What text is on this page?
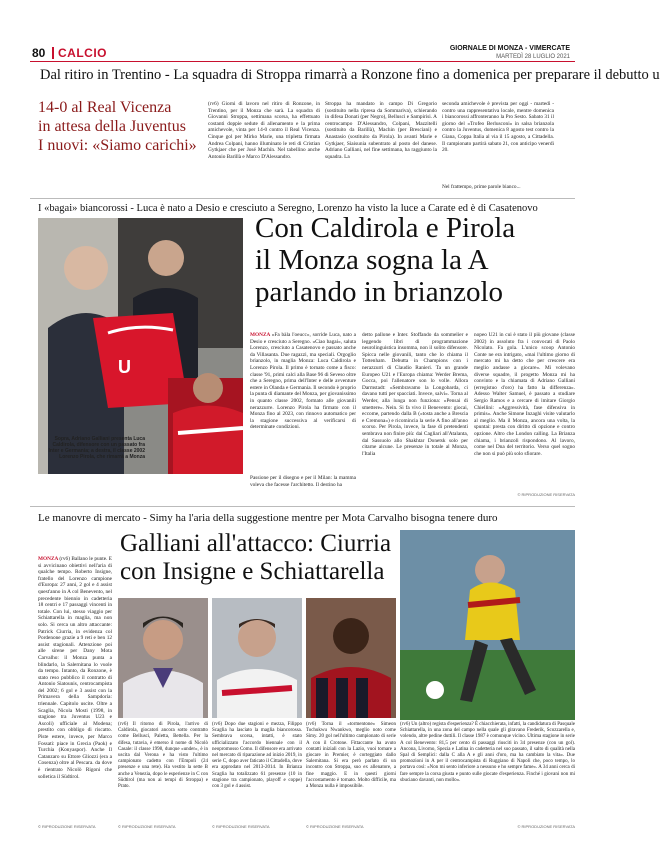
80 CALCIO	GIORNALE DI MONZA - VIMERCATE
MARTEDÌ 28 LUGLIO 2021
Dal ritiro in Trentino - La squadra di Stroppa rimarrà a Ronzone fino a domenica per preparare il debutto u
14-0 al Real Vicenza
in attesa della Juventus
I nuovi: «Siamo carichi»
(rv6) Giorni di lavoro nel ritiro di Ronzone, in Trentino, per il Monza che sarà. La squadra di Giovanni Stroppa, settimana scorsa, ha effettuato costanti doppie sedute di allenamento e la prima amichevole, vinta per 14-0 contro il Real Vicenza. Cinque gol per Mirko Marie, una tripletta firmata Andrea Colpani, hanno illuminato le reti di Cristian Gytkjaer che per José Machín. Nel tabellino anche Antonio Barillà e Marco D'Alessandro.
Stroppa ha mandato in campo Di Gregorio (sostituito nella ripresa da Sommariva), schierando in difesa Donati (per Negro), Bellusci e Sampirisi. A centrocampo D'Alessandro, Colpani, Mazzitelli (sostituito da Barillà), Machin (per Bresciani) e Anastasio (sostituito da Pirola). In avanti Marie e Gytkjaer, Siaisunia subentrato al posto del danese. Adriano Galliani, nel fine settimana, ha raggiunto la squadra. La
seconda amichevole è prevista per oggi - martedì - contro una rappresentativa locale, mentre domenica i biancorossi affronteranno la Pro Sesto. Sabato 31 il giorno del «Trofeo Berlusconi» in salsa brianzola contro la Juventus, domenica 8 agosto test contro la Giana, Coppa Italia al via il 15 agosto, a Cittadella. Il campionato partirà sabato 21, con anticipo venerdì 20.
Nel frattempo, prime parole bianco...
I «bagai» biancorossi - Luca è nato a Desio e cresciuto a Seregno, Lorenzo ha visto la luce a Carate ed è di Casatenovo
U
Sopra, Adriano Galliani presenta Luca Caldirola, difensore con un passato fra Inter e Germania; a destra, il classe 2002 Lorenzo Pirola, che rimarrà a Monza
Con Caldirola e Pirola
il Monza sogna la A
parlando in brianzolo
MONZA «Fa bàla l'oeucc», sorride Luca, nato a Desio e cresciuto a Seregno. «Ciao bagai», saluta Lorenzo, cresciuto a Casatenovo e passato anche da Villasanta. Due ragazzi, ma speciali. Orgoglio brianzolo, in maglia Monza: Luca Caldirola e Lorenzo Pirola. Il primo è tornato come a fisco: classe '91, primi calci alla Base 96 di Seveso oltre che a Seregno, prima dell'Inter e delle avventure estere in Olanda e Germania. Il secondo è proprio la punta di diamante del Monza, per giovanissimo in quanto classe 2002, formato alle giovanili nerazzurre. Lorenzo Pirola ha firmato con il Monza fino al 2023, con rinnovo automatico per la stagione successiva al verificarsi di determinate condizioni.
Passione per il disegno e per il Milan: la mamma voleva che facesse l'architetto. Il destino ha
detto pallone e Inter. Stoffando da sommelier e leggendo libri di programmazione neurolinguistica insomma, non il solito difensore. Spicca nelle giovanili, tanto che lo chiama il Tottenham. Debutta in Champions con i nerazzurri di Claudio Ranieri. Ta un grande Europeo U21 e l'Europa chiama: Werder Brema, Gocca, poi l'allenatore son lo volle. Allora Darmstadt: «Sembravamo la Longobarda, ci davano tutti per spacciati. Invece, salvi». Torna al Werder, alla lunga non funziona: «Pensai di smettere». Nein. Si fa vivo il Benevento: giocai, eccome, partendo dalla B («tosta anche a Brescia e Cremona») e ricomincia la serie A fino all'anno scorso. Per Pirola, invece, la fase di pretendenti sembrava non finire più: dai Cagliari all'Atalanta, dal Sassuolo allo Shakhtar Donetsk solo per citarne alcune. Le presenze in totale al Monza, l'Italia
nopeo U21 in cui è stato il più giovane (classe 2002) in assoluto fra i convocati di Paolo Nicolato. Fa gola. L'unico scoop Antonio Conte ne era intrigato, «mai l'ultimo giorno di mercato mi ha detto che per crescere era meglio andasse a giocare». Mi volevano diverse squadre, il progetto Monza mi ha convinto e la chiamata di Adriano Galliani (erregistuo d'oro) ha fatto la differenza». Adesso Walter Samuel, è passato a studiare Sergio Ramos e a cercare di imitare Giorgio Chiellini: «Aggressività, fase difensiva in primis». Anche Simone Inzaghi visite valutarlo al meglio. Ma il Monza, ancora una volta, la spuntai: presta con diritto di opzione e contro opzione. Altro che London calling. La Brianza chiama, i brianzoli rispondono. Al lavoro, come nel Dna del territorio. Verso quel sogno che non si può più solo sfiorare.
© RIPRODUZIONE RISERVATA
Le manovre di mercato - Simy ha l'aria della suggestione mentre per Mota Carvalho bisogna tenere duro
Galliani all'attacco: Ciurria
con Insigne e Schiattarella
MONZA (rv6) Ballano le punte. E si avvicinano obiettivi nell'aria di qualche tempo. Roberto Insigne, fratello del Lorenzo campione d'Europa: 27 anni, 2 gol e 4 assist quest'anno in A col Benevento, nel precedente biennio in cadetteria 18 centri e 17 passaggi vincenti in totale. Con lui, stesso viaggio per Schiattarella in maglia, ma non solo. Si cerca un altro attaccante: Patrick Ciurria, in evidenza col Pordenone grazie a 9 reti e ben 12 assist stagionali. Attenzione poi alle sirene per Dany Mota Carvalho: il Monza punta a blindarlo, la Salernitana lo vuole da tempo. Intanto, da Ronzone, è stato reso pubblico il contratto di Antonio Siatounis, centrocampista del 2002; 6 gol e 3 assist con la Primavera della Sampdoria: triennale. Capitolo uscite. Oltre a Scaglia, Nicola Mosti (1998, in stagione tra Juventus U23 e Ascoli) ufficiale al Modena; prestito con obbligo di riscatto. Piste estere, invece, per Marco Fossati: piace in Grecia (Paok) e Turchia (Konyaspor). Anche Il Catanzaro su Ettore Gliozzi (era a Cosenza) oltre al Pescara. da dove è rientrato Nicolò Rigoni che solletica il Südtirol.
(rv6) Il ritorno di Pirola, l'arrivo di Caldirola, giocatori ancora sotto contratto come Bellusci, Paletta, Bettella. Per la difesa, tutavia, è emerso il nome di Nicolò Casale: il classe 1998, dunque «under», è in uscita dal Verona e ha visto l'ultimo campionato cadetto con l'Empoli (24 presenze e una rete). Ha vestito la sette B anche a Venezia, dopo le esperienze in C con Südtirol (ma non ai tempi di Stroppa) e Prato.
(rv6) Dopo due stagioni e mezza, Filippo Scaglia ha lasciato la maglia biancorossa. Sembrava scorsa, intatti, è stato ufficializzato l'accordo biennale con il neopromosso Como. Il difensore era arrivato nel mercato di riparazione ad inizio 2019, in serie C, dopo aver faticato il Cittadella, dove era approdato nel 2013-2014. In Brianza Scaglia ha totalizzato 61 presenze (10 in stagione tra campionato, playoff e coppe) con 3 gol e 4 assist.
(rv6) Torna il «tormentone» Simeon Tochukwu Nwankwo, meglio noto come Simy. 20 gol nell'ultimo campionato di serie A con il Crotone. Fittaccante ha avuto contatti iniziali con la Lazio, vuoi tornare a giocare in Premier, è corteggiato dallo Salernitana. Si era però parlato di un incontro con Stroppa, suo ex allenatore, a fine maggio. E in questi giorni l'accostamento è tornato. Molto difficile, ma a Monza nulla è impossibile.
(rv6) Un (altro) regista d'esperienza? È chiacchierata, infatti, la candidatura di Pasquale Schiattarella, in una zona del campo nella quale gli giravano Frederik, Scozzarella e, volendo, altre pedine duttili. Il classe 1987 è comunque vicino. Ultima stagione in serie A col Benevento: 81,5 per cento di passaggi riusciti in 34 presenze (con un gol). Ancona, Livorno, Spezia e Latina in cadetteria nel suo passato, il salto di qualità nella Spal di Semplici: dalla C alla A e gli anni d'oro, ma ha cambiato la vita». Due promozioni in A per il centrocampista di Ruggiano di Napoli che, poco tempo, lo portava così: «Non mi sento inferiore a nessuno e ho sempre fame». A 34 anni cerca di fare sempre la corsa giusta e punto sulle giocate d'esperienza. Finché i giovani non mi sbuciano davanti, non mollo».
© RIPRODUZIONE RISERVATA	© RIPRODUZIONE RISERVATA	© RIPRODUZIONE RISERVATA	© RIPRODUZIONE RISERVATA	© RIPRODUZIONE RISERVATA
